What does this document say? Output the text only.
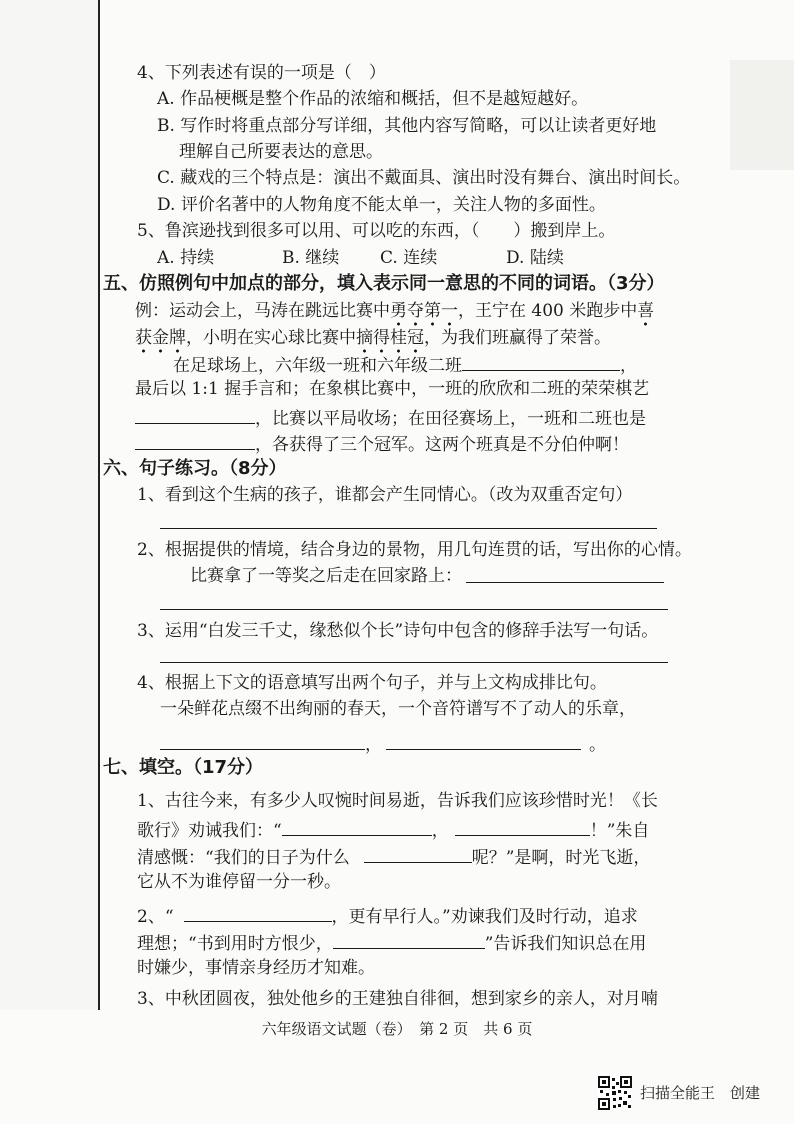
4、下列表述有误的一项是（　）
A. 作品梗概是整个作品的浓缩和概括，但不是越短越好。
B. 写作时将重点部分写详细，其他内容写简略，可以让读者更好地
理解自己所要表达的意思。
C. 藏戏的三个特点是：演出不戴面具、演出时没有舞台、演出时间长。
D. 评价名著中的人物角度不能太单一，关注人物的多面性。
5、鲁滨逊找到很多可以用、可以吃的东西，（　　）搬到岸上。
A. 持续	B. 继续 C. 连续	D. 陆续
五、仿照例句中加点的部分，填入表示同一意思的不同的词语。（3分）
例：运动会上，马涛在跳远比赛中勇夺第一，王宁在 400 米跑步中喜
获金牌，小明在实心球比赛中摘得桂冠，为我们班赢得了荣誉。
在足球场上，六年级一班和六年级二班	，
最后以 1:1 握手言和；在象棋比赛中，一班的欣欣和二班的荣荣棋艺
，比赛以平局收场；在田径赛场上，一班和二班也是
，各获得了三个冠军。这两个班真是不分伯仲啊！
六、句子练习。（8分）
1、看到这个生病的孩子，谁都会产生同情心。（改为双重否定句）
2、根据提供的情境，结合身边的景物，用几句连贯的话，写出你的心情。
比赛拿了一等奖之后走在回家路上：
3、运用“白发三千丈，缘愁似个长”诗句中包含的修辞手法写一句话。
4、根据上下文的语意填写出两个句子，并与上文构成排比句。
一朵鲜花点缀不出绚丽的春天，一个音符谱写不了动人的乐章，
，	。
七、填空。（17分）
1、古往今来，有多少人叹惋时间易逝，告诉我们应该珍惜时光！《长
歌行》劝诫我们：“	，	！”朱自
清感慨：“我们的日子为什么	呢？”是啊，时光飞逝，
它从不为谁停留一分一秒。
2、“	，更有早行人。”劝谏我们及时行动，追求
理想；“书到用时方恨少，	”告诉我们知识总在用
时嫌少，事情亲身经历才知难。
3、中秋团圆夜，独处他乡的王建独自徘徊，想到家乡的亲人，对月喃
六年级语文试题（卷）　第 2 页　共 6 页
扫描全能王　创建
